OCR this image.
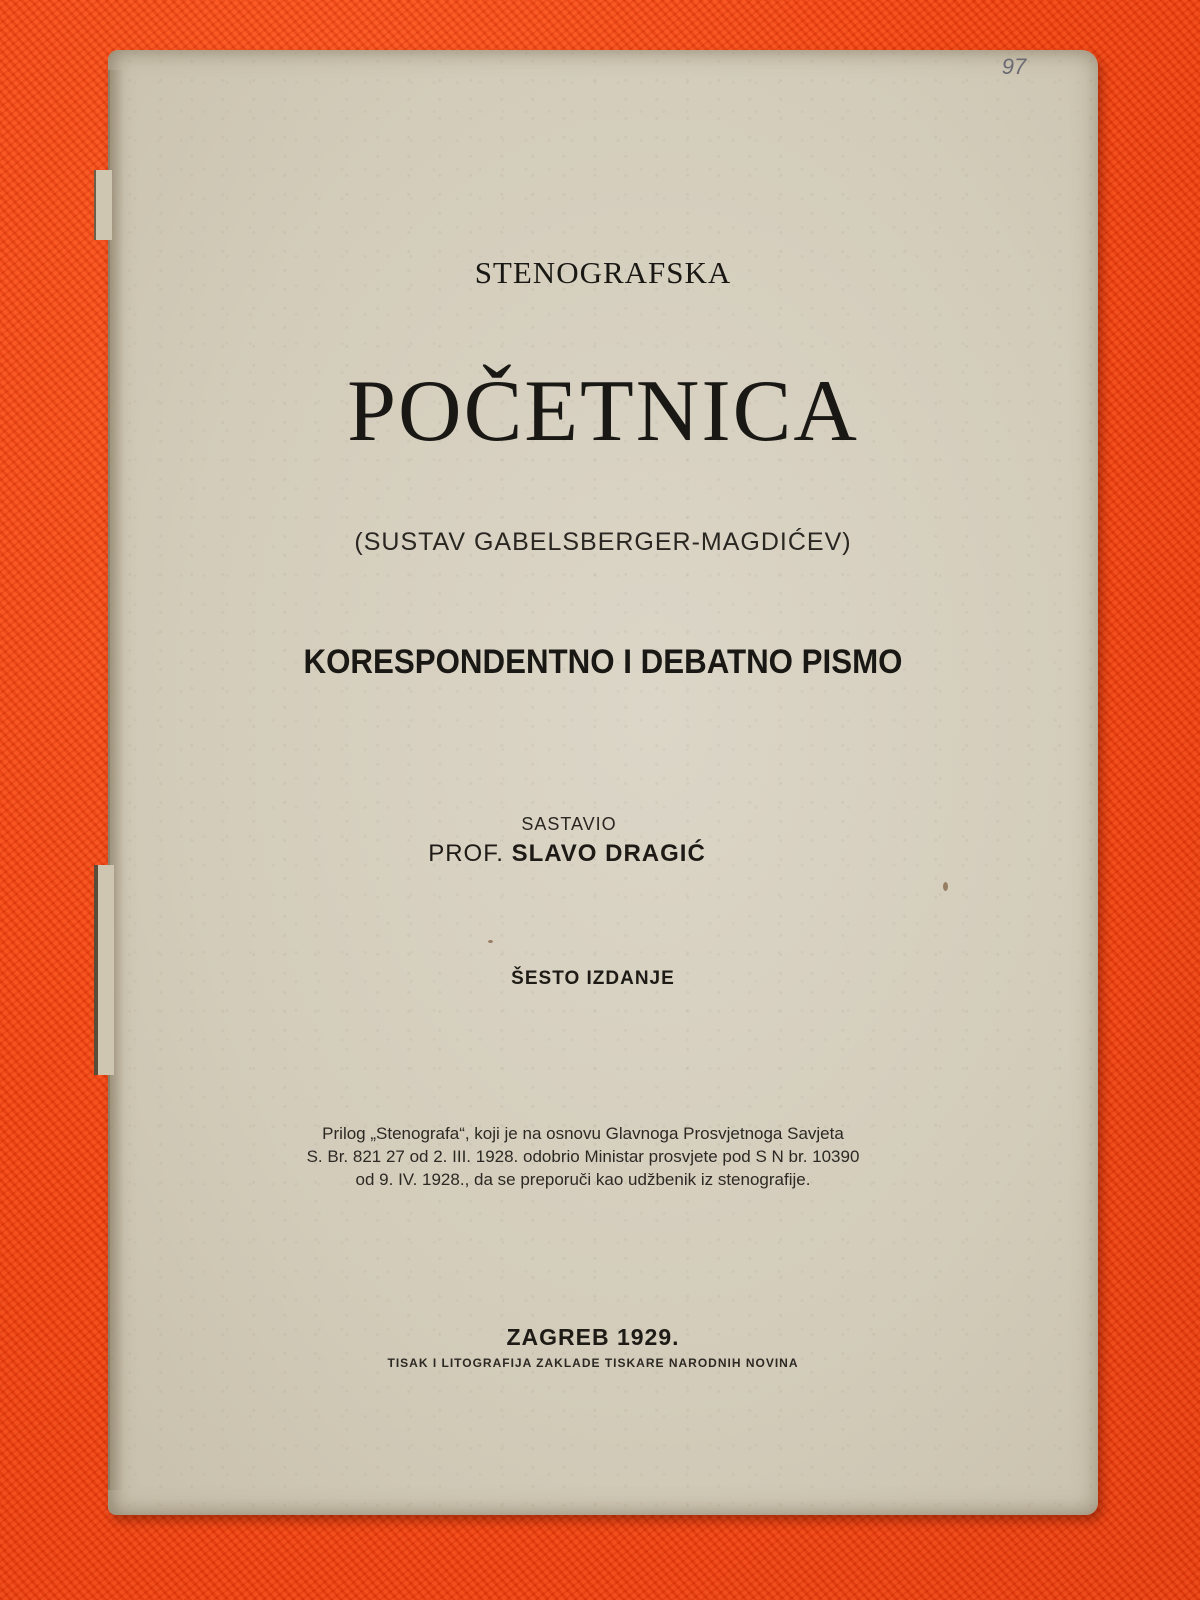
97
STENOGRAFSKA
POČETNICA
(SUSTAV GABELSBERGER-MAGDIĆEV)
KORESPONDENTNO I DEBATNO PISMO
SASTAVIO
PROF. SLAVO DRAGIĆ
ŠESTO IZDANJE
Prilog „Stenografa“, koji je na osnovu Glavnoga Prosvjetnoga Savjeta
S. Br. 821 27 od 2. III. 1928. odobrio Ministar prosvjete pod S N br. 10390
od 9. IV. 1928., da se preporuči kao udžbenik iz stenografije.
ZAGREB 1929.
TISAK I LITOGRAFIJA ZAKLADE TISKARE NARODNIH NOVINA
